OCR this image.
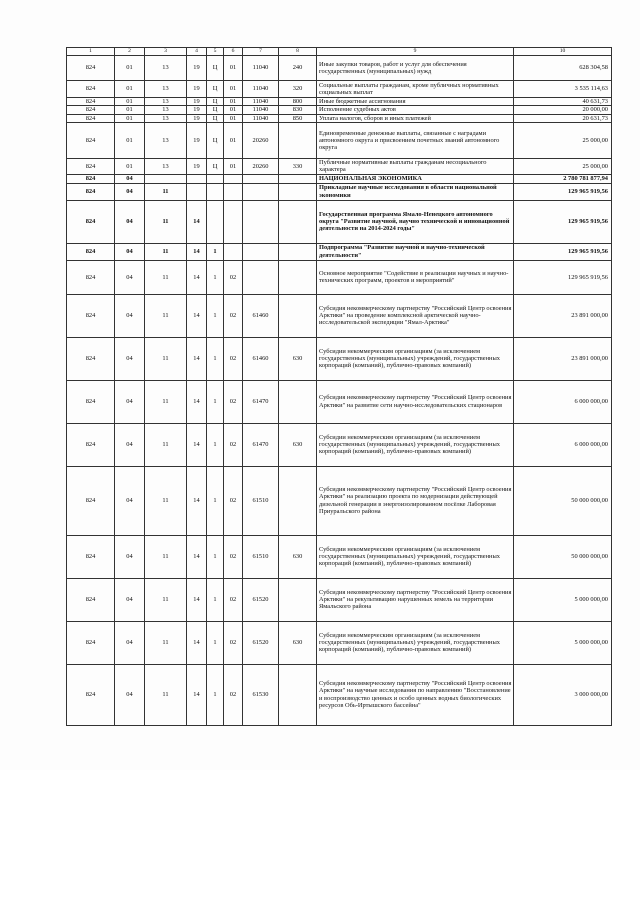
1	2	3	4	5	6	7	8	9	10
824	01	13	19	Ц	01	11040	240	Иные закупки товаров, работ и услуг для обеспечения государственных (муниципальных) нужд	628 304,58
824	01	13	19	Ц	01	11040	320	Социальные выплаты гражданам, кроме публичных нормативных социальных выплат	3 535 114,63
824	01	13	19	Ц	01	11040	800	Иные бюджетные ассигнования	40 631,73
824	01	13	19	Ц	01	11040	830	Исполнение судебных актов	20 000,00
824	01	13	19	Ц	01	11040	850	Уплата налогов, сборов и иных платежей	20 631,73
824	01	13	19	Ц	01	20260		Единовременные денежные выплаты, связанные с наградами автономного округа и присвоением почетных званий автономного округа	25 000,00
824	01	13	19	Ц	01	20260	330	Публичные нормативные выплаты гражданам несоциального характера	25 000,00
824	04							НАЦИОНАЛЬНАЯ ЭКОНОМИКА	2 780 781 877,94
824	04	11						Прикладные научные исследования в области национальной экономики	129 965 919,56
824	04	11	14					Государственная программа Ямало-Ненецкого автономного округа "Развитие научной, научно технической и инновационной деятельности на 2014-2024 годы"	129 965 919,56
824	04	11	14	1				Подпрограмма "Развитие научной и научно-технической деятельности"	129 965 919,56
824	04	11	14	1	02			Основное мероприятие "Содействие в реализации научных и научно-технических программ, проектов и мероприятий"	129 965 919,56
824	04	11	14	1	02	61460		Субсидия некоммерческому партнерству "Российский Центр освоения Арктики" на проведение комплексной арктической научно-исследовательской экспедиции "Ямал-Арктика"	23 891 000,00
824	04	11	14	1	02	61460	630	Субсидии некоммерческим организациям (за исключением государственных (муниципальных) учреждений, государственных корпораций (компаний), публично-правовых компаний)	23 891 000,00
824	04	11	14	1	02	61470		Субсидия некоммерческому партнерству "Российский Центр освоения Арктики" на развитие сети научно-исследовательских стационаров	6 000 000,00
824	04	11	14	1	02	61470	630	Субсидии некоммерческим организациям (за исключением государственных (муниципальных) учреждений, государственных корпораций (компаний), публично-правовых компаний)	6 000 000,00
824	04	11	14	1	02	61510		Субсидия некоммерческому партнерству "Российский Центр освоения Арктики" на реализацию проекта по модернизации действующей дизельной генерации в энергоизолированном посёлке Лаборовая Приуральского района	50 000 000,00
824	04	11	14	1	02	61510	630	Субсидии некоммерческим организациям (за исключением государственных (муниципальных) учреждений, государственных корпораций (компаний), публично-правовых компаний)	50 000 000,00
824	04	11	14	1	02	61520		Субсидия некоммерческому партнерству "Российский Центр освоения Арктики" на рекультивацию нарушенных земель на территории Ямальского района	5 000 000,00
824	04	11	14	1	02	61520	630	Субсидии некоммерческим организациям (за исключением государственных (муниципальных) учреждений, государственных корпораций (компаний), публично-правовых компаний)	5 000 000,00
824	04	11	14	1	02	61530		Субсидия некоммерческому партнерству "Российский Центр освоения Арктики" на научные исследования по направлению "Восстановление и воспроизводство ценных и особо ценных водных биологических ресурсов Обь-Иртышского бассейна"	3 000 000,00
